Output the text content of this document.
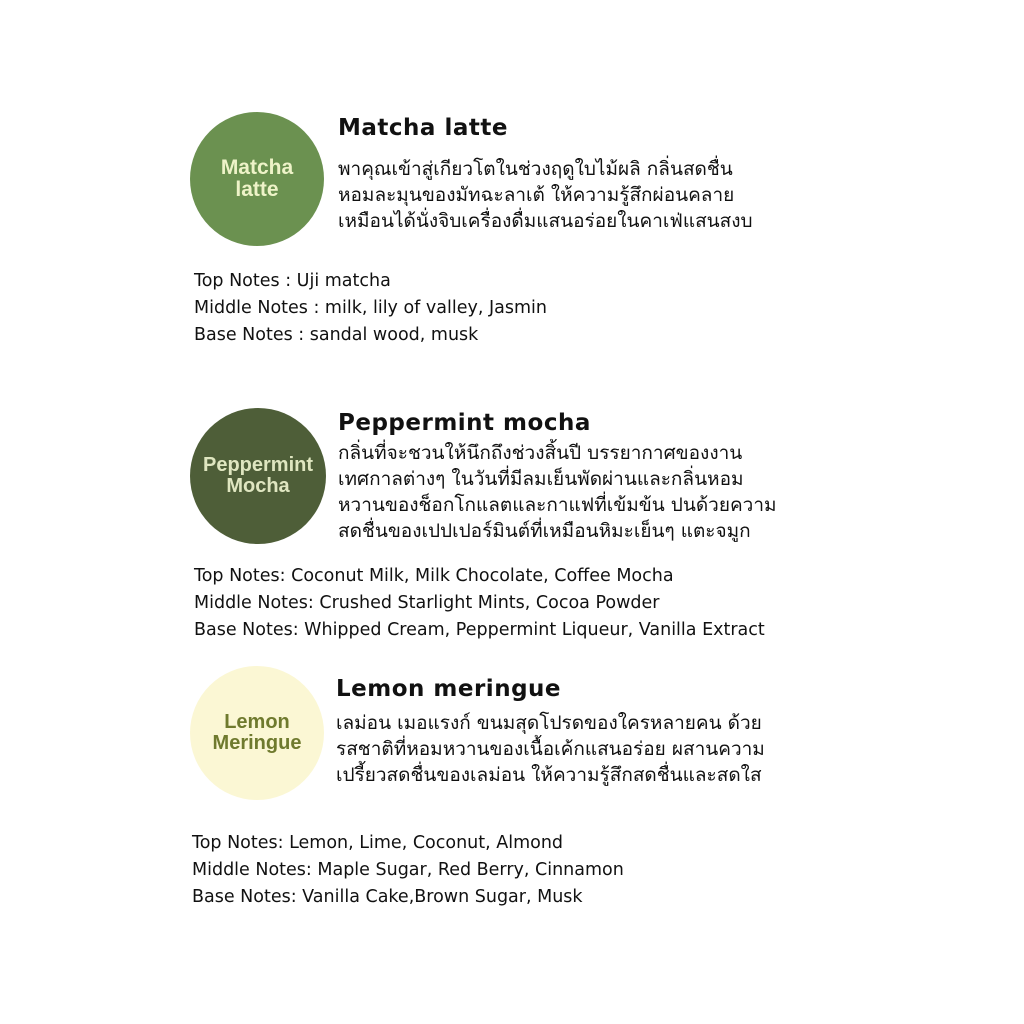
Matcha
latte
Matcha latte
พาคุณเข้าสู่เกียวโตในช่วงฤดูใบไม้ผลิ กลิ่นสดชื่น
หอมละมุนของมัทฉะลาเต้ ให้ความรู้สึกผ่อนคลาย
เหมือนได้นั่งจิบเครื่องดื่มแสนอร่อยในคาเฟ่แสนสงบ
Top Notes : Uji matcha
Middle Notes : milk, lily of valley, Jasmin
Base Notes : sandal wood, musk
Peppermint
Mocha
Peppermint mocha
กลิ่นที่จะชวนให้นึกถึงช่วงสิ้นปี บรรยากาศของงาน
เทศกาลต่างๆ ในวันที่มีลมเย็นพัดผ่านและกลิ่นหอม
หวานของช็อกโกแลตและกาแฟที่เข้มข้น ปนด้วยความ
สดชื่นของเปปเปอร์มินต์ที่เหมือนหิมะเย็นๆ แตะจมูก
Top Notes: Coconut Milk, Milk Chocolate, Coffee Mocha
Middle Notes: Crushed Starlight Mints, Cocoa Powder
Base Notes: Whipped Cream, Peppermint Liqueur, Vanilla Extract
Lemon
Meringue
Lemon meringue
เลม่อน เมอแรงก์ ขนมสุดโปรดของใครหลายคน ด้วย
รสชาติที่หอมหวานของเนื้อเค้กแสนอร่อย ผสานความ
เปรี้ยวสดชื่นของเลม่อน ให้ความรู้สึกสดชื่นและสดใส
Top Notes: Lemon, Lime, Coconut, Almond
Middle Notes: Maple Sugar, Red Berry, Cinnamon
Base Notes: Vanilla Cake,Brown Sugar, Musk
